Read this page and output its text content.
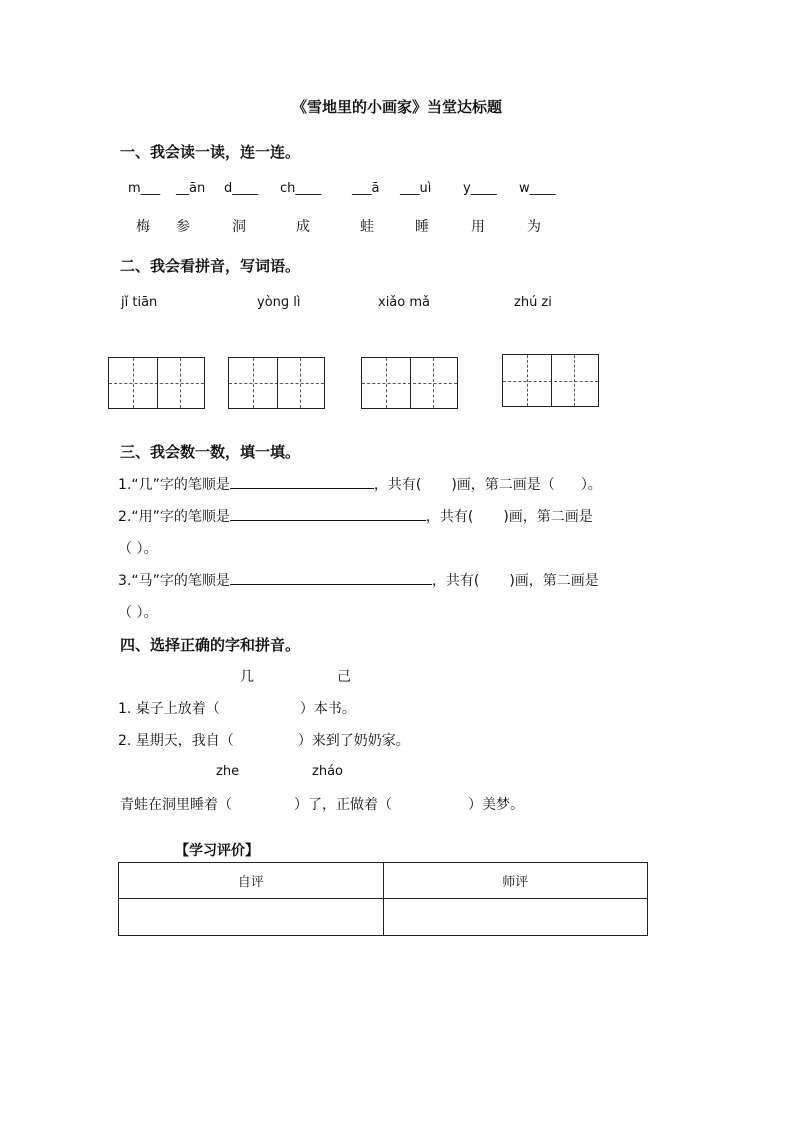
《雪地里的小画家》当堂达标题
一、我会读一读，连一连。
m___ __ān d____ ch____ ___ā ___uì y____ w____
梅 参	洞	成	蛙	睡	用	为
二、我会看拼音，写词语。
jǐ tiān	yònɡ lì	xiǎo mǎ	zhú zi
三、我会数一数，填一填。
1.“几”字的笔顺是	，共有( )画，第二画是（ ）。
2.“用”字的笔顺是	，共有( )画，第二画是
（ ）。
3.“马”字的笔顺是	，共有( )画，第二画是
（ ）。
四、选择正确的字和拼音。
几	己
1. 桌子上放着（	）本书。
2. 星期天，我自（	）来到了奶奶家。
zhe	zháo
青蛙在洞里睡着（	）了，正做着（	）美梦。
【学习评价】
自评	师评
